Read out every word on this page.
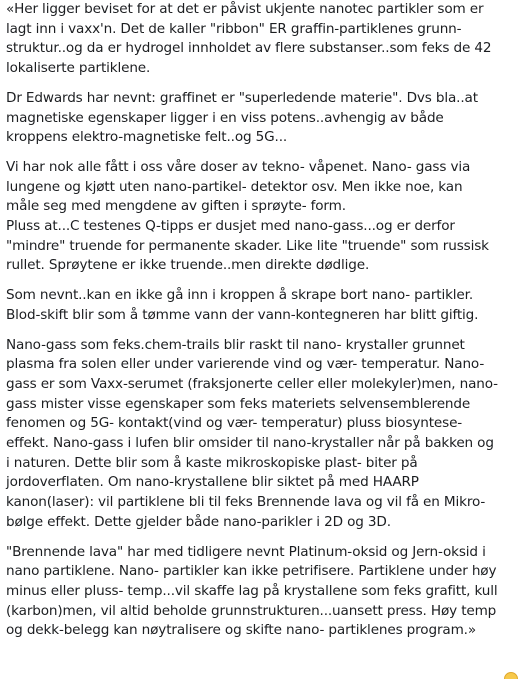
«Her ligger beviset for at det er påvist ukjente nanotec partikler som er
lagt inn i vaxx'n. Det de kaller "ribbon" ER graffin-partiklenes grunn-
struktur..og da er hydrogel innholdet av flere substanser..som feks de 42
lokaliserte partiklene.

Dr Edwards har nevnt: graffinet er "superledende materie". Dvs bla..at
magnetiske egenskaper ligger i en viss potens..avhengig av både
kroppens elektro-magnetiske felt..og 5G...

Vi har nok alle fått i oss våre doser av tekno- våpenet. Nano- gass via
lungene og kjøtt uten nano-partikel- detektor osv. Men ikke noe, kan
måle seg med mengdene av giften i sprøyte- form.
Pluss at...C testenes Q-tipps er dusjet med nano-gass...og er derfor
"mindre" truende for permanente skader. Like lite "truende" som russisk
rullet. Sprøytene er ikke truende..men direkte dødlige.

Som nevnt..kan en ikke gå inn i kroppen å skrape bort nano- partikler.
Blod-skift blir som å tømme vann der vann-kontegneren har blitt giftig.

Nano-gass som feks.chem-trails blir raskt til nano- krystaller grunnet
plasma fra solen eller under varierende vind og vær- temperatur. Nano-
gass er som Vaxx-serumet (fraksjonerte celler eller molekyler)men, nano-
gass mister visse egenskaper som feks materiets selvensemblerende
fenomen og 5G- kontakt(vind og vær- temperatur) pluss biosyntese-
effekt. Nano-gass i lufen blir omsider til nano-krystaller når på bakken og
i naturen. Dette blir som å kaste mikroskopiske plast- biter på
jordoverflaten. Om nano-krystallene blir siktet på med HAARP
kanon(laser): vil partiklene bli til feks Brennende lava og vil få en Mikro-
bølge effekt. Dette gjelder både nano-parikler i 2D og 3D.

"Brennende lava" har med tidligere nevnt Platinum-oksid og Jern-oksid i
nano partiklene. Nano- partikler kan ikke petrifisere. Partiklene under høy
minus eller pluss- temp...vil skaffe lag på krystallene som feks grafitt, kull
(karbon)men, vil altid beholde grunnstrukturen...uansett press. Høy temp
og dekk-belegg kan nøytralisere og skifte nano- partiklenes program.»
